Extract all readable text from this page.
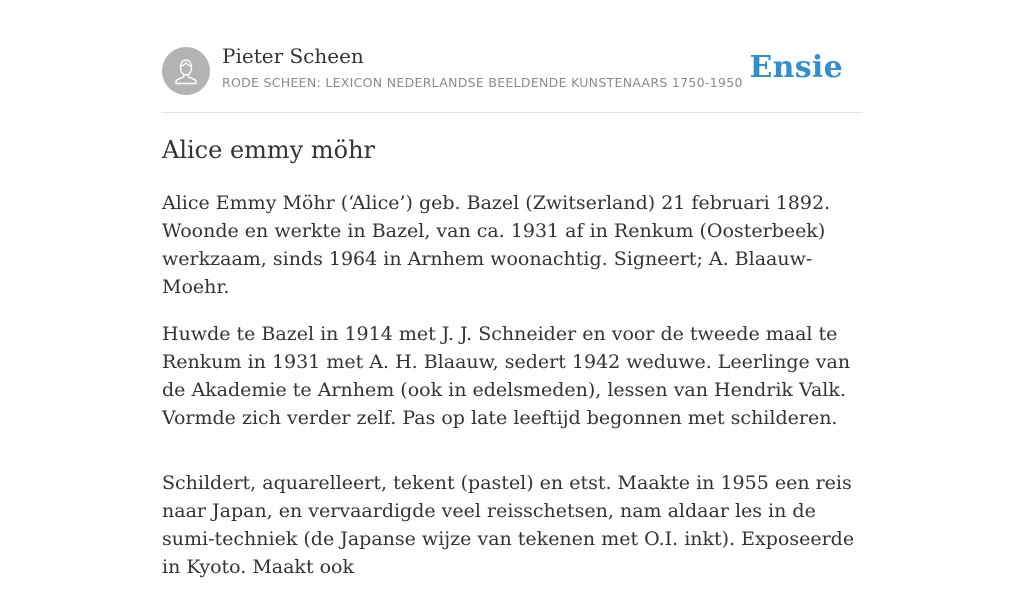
Pieter Scheen
RODE SCHEEN: LEXICON NEDERLANDSE BEELDENDE KUNSTENAARS 1750-1950 Ensie
Alice emmy möhr

Alice Emmy Möhr (‘Alice’) geb. Bazel (Zwitserland) 21 februari 1892. Woonde en werkte in Bazel, van ca. 1931 af in Renkum (Oosterbeek) werkzaam, sinds 1964 in Arnhem woonachtig. Signeert; A. Blaauw-Moehr.

Huwde te Bazel in 1914 met J. J. Schneider en voor de tweede maal te Renkum in 1931 met A. H. Blaauw, sedert 1942 weduwe. Leerlinge van de Akademie te Arnhem (ook in edelsmeden), lessen van Hendrik Valk. Vormde zich verder zelf. Pas op late leeftijd begonnen met schilderen.

Schildert, aquarelleert, tekent (pastel) en etst. Maakte in 1955 een reis naar Japan, en vervaardigde veel reisschetsen, nam aldaar les in de sumi-techniek (de Japanse wijze van tekenen met O.I. inkt). Exposeerde in Kyoto. Maakt ook
